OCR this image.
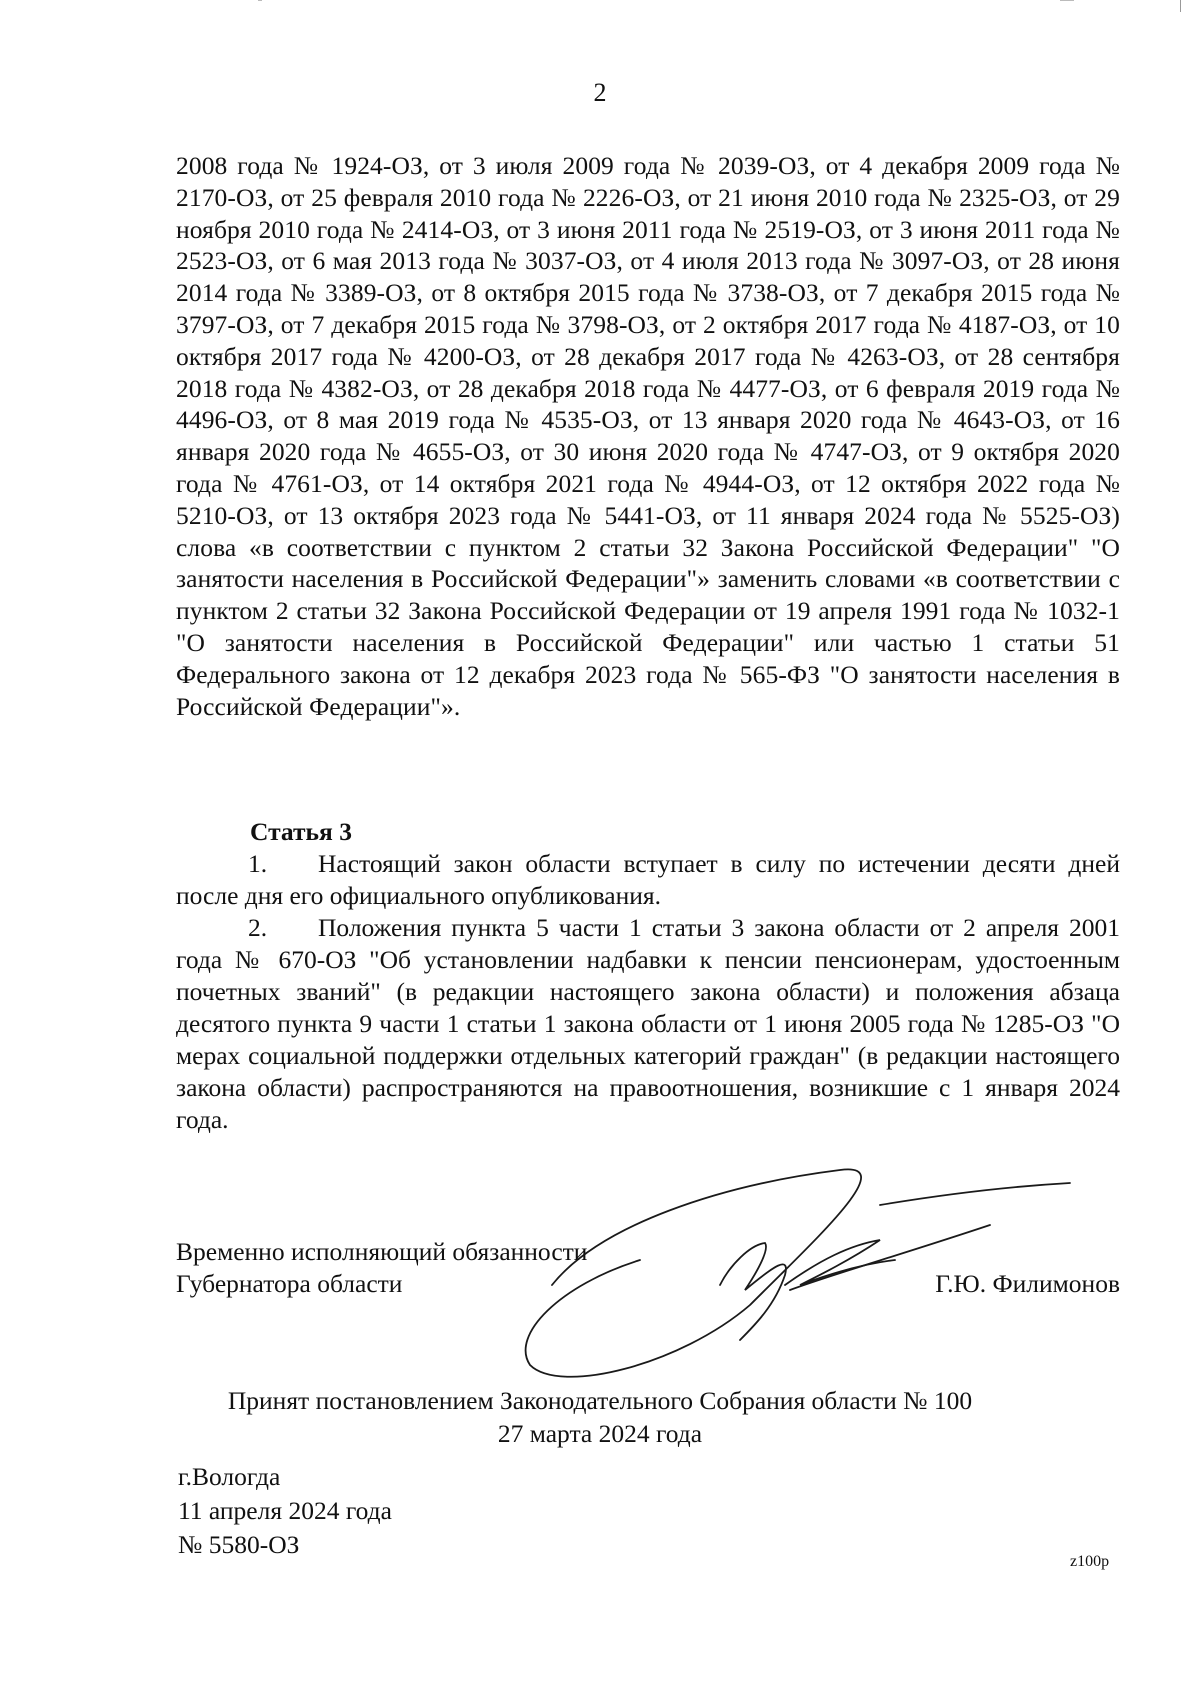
2

2008 года № 1924-ОЗ, от 3 июля 2009 года № 2039-ОЗ, от 4 декабря 2009 года № 2170-ОЗ, от 25 февраля 2010 года № 2226-ОЗ, от 21 июня 2010 года № 2325-ОЗ, от 29 ноября 2010 года № 2414-ОЗ, от 3 июня 2011 года № 2519-ОЗ, от 3 июня 2011 года № 2523-ОЗ, от 6 мая 2013 года № 3037-ОЗ, от 4 июля 2013 года № 3097-ОЗ, от 28 июня 2014 года № 3389-ОЗ, от 8 октября 2015 года № 3738-ОЗ, от 7 декабря 2015 года № 3797-ОЗ, от 7 декабря 2015 года № 3798-ОЗ, от 2 октября 2017 года № 4187-ОЗ, от 10 октября 2017 года № 4200-ОЗ, от 28 декабря 2017 года № 4263-ОЗ, от 28 сентября 2018 года № 4382-ОЗ, от 28 декабря 2018 года № 4477-ОЗ, от 6 февраля 2019 года № 4496-ОЗ, от 8 мая 2019 года № 4535-ОЗ, от 13 января 2020 года № 4643-ОЗ, от 16 января 2020 года № 4655-ОЗ, от 30 июня 2020 года № 4747-ОЗ, от 9 октября 2020 года № 4761-ОЗ, от 14 октября 2021 года № 4944-ОЗ, от 12 октября 2022 года № 5210-ОЗ, от 13 октября 2023 года № 5441-ОЗ, от 11 января 2024 года № 5525-ОЗ) слова «в соответствии с пунктом 2 статьи 32 Закона Российской Федерации" "О занятости населения в Российской Федерации"» заменить словами «в соответствии с пунктом 2 статьи 32 Закона Российской Федерации от 19 апреля 1991 года № 1032-1 "О занятости населения в Российской Федерации" или частью 1 статьи 51 Федерального закона от 12 декабря 2023 года № 565-ФЗ "О занятости населения в Российской Федерации"».

Статья 3
1. Настоящий закон области вступает в силу по истечении десяти дней после дня его официального опубликования.
2. Положения пункта 5 части 1 статьи 3 закона области от 2 апреля 2001 года № 670-ОЗ "Об установлении надбавки к пенсии пенсионерам, удостоенным почетных званий" (в редакции настоящего закона области) и положения абзаца десятого пункта 9 части 1 статьи 1 закона области от 1 июня 2005 года № 1285-ОЗ "О мерах социальной поддержки отдельных категорий граждан" (в редакции настоящего закона области) распространяются на правоотношения, возникшие с 1 января 2024 года.

Временно исполняющий обязанности

Губернатора области	Г.Ю. Филимонов

Принят постановлением Законодательного Собрания области № 100

27 марта 2024 года

г.Вологда

11 апреля 2024 года

№ 5580-ОЗ

z100p
